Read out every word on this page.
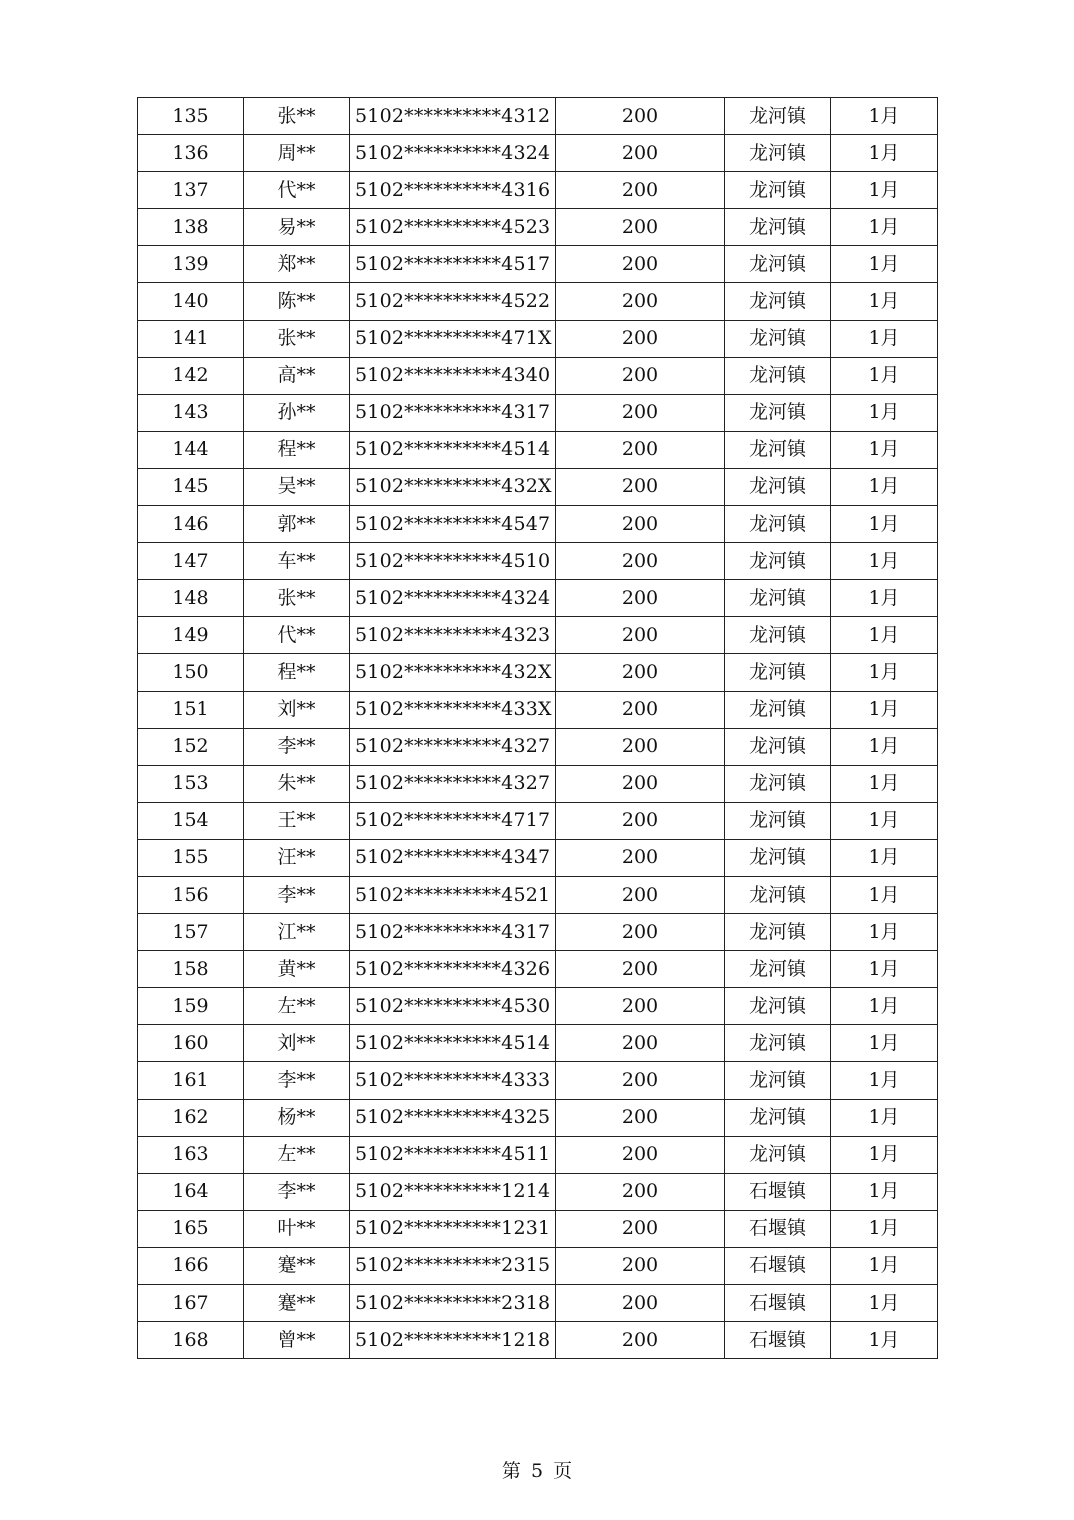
135	张**	5102**********4312	200	龙河镇	1月
136	周**	5102**********4324	200	龙河镇	1月
137	代**	5102**********4316	200	龙河镇	1月
138	易**	5102**********4523	200	龙河镇	1月
139	郑**	5102**********4517	200	龙河镇	1月
140	陈**	5102**********4522	200	龙河镇	1月
141	张**	5102**********471X	200	龙河镇	1月
142	高**	5102**********4340	200	龙河镇	1月
143	孙**	5102**********4317	200	龙河镇	1月
144	程**	5102**********4514	200	龙河镇	1月
145	吴**	5102**********432X	200	龙河镇	1月
146	郭**	5102**********4547	200	龙河镇	1月
147	车**	5102**********4510	200	龙河镇	1月
148	张**	5102**********4324	200	龙河镇	1月
149	代**	5102**********4323	200	龙河镇	1月
150	程**	5102**********432X	200	龙河镇	1月
151	刘**	5102**********433X	200	龙河镇	1月
152	李**	5102**********4327	200	龙河镇	1月
153	朱**	5102**********4327	200	龙河镇	1月
154	王**	5102**********4717	200	龙河镇	1月
155	汪**	5102**********4347	200	龙河镇	1月
156	李**	5102**********4521	200	龙河镇	1月
157	江**	5102**********4317	200	龙河镇	1月
158	黄**	5102**********4326	200	龙河镇	1月
159	左**	5102**********4530	200	龙河镇	1月
160	刘**	5102**********4514	200	龙河镇	1月
161	李**	5102**********4333	200	龙河镇	1月
162	杨**	5102**********4325	200	龙河镇	1月
163	左**	5102**********4511	200	龙河镇	1月
164	李**	5102**********1214	200	石堰镇	1月
165	叶**	5102**********1231	200	石堰镇	1月
166	蹇**	5102**********2315	200	石堰镇	1月
167	蹇**	5102**********2318	200	石堰镇	1月
168	曾**	5102**********1218	200	石堰镇	1月
第 5 页
